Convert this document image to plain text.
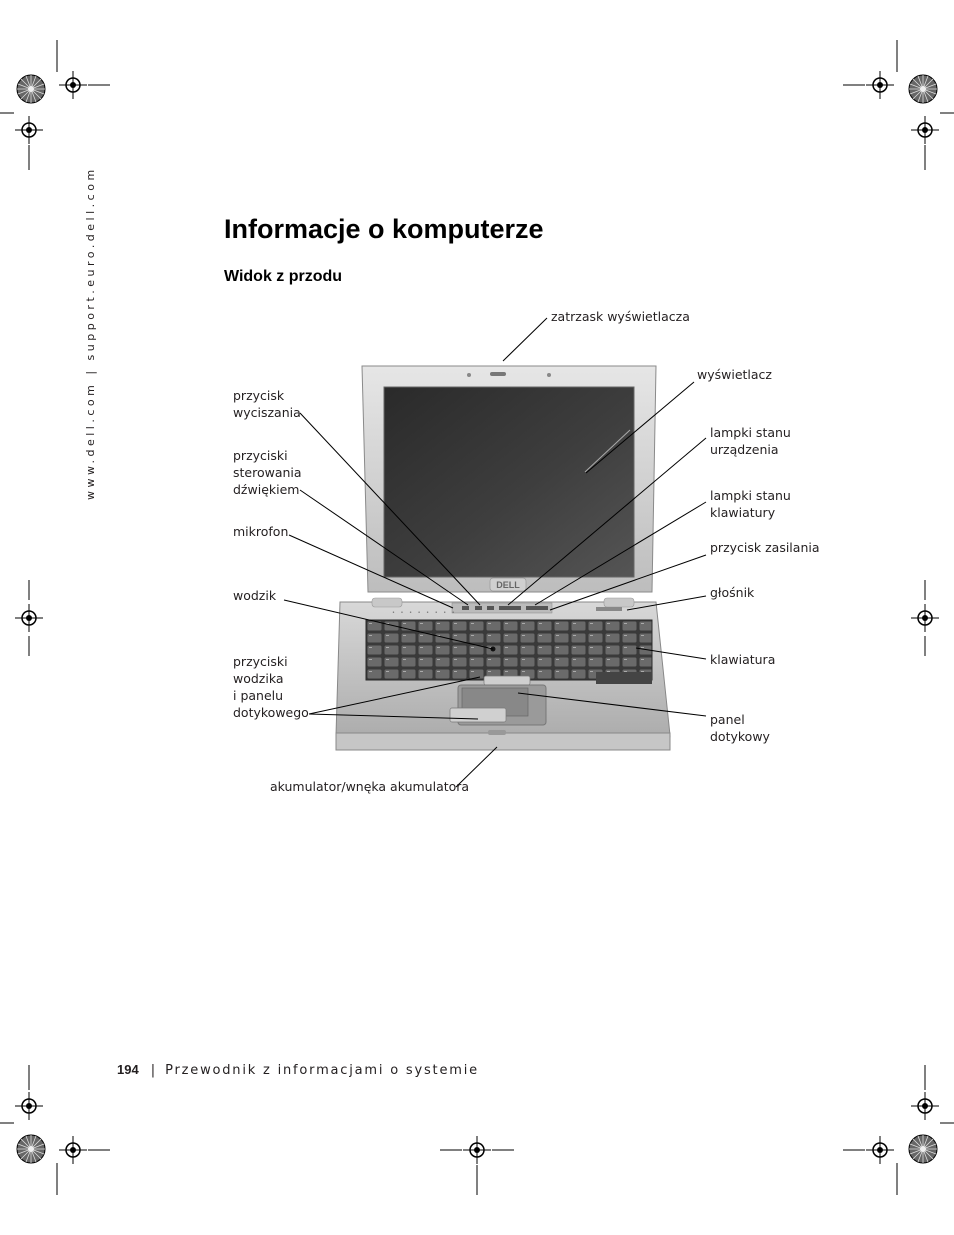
www.dell.com | support.euro.dell.com	Informacje o komputerze
Widok z przodu
DELL
• • • • • • • •
zatrzask wyświetlacza
wyświetlacz
przycisk
wyciszania
przyciski
sterowania
dźwiękiem
lampki stanu
urządzenia
lampki stanu
klawiatury
mikrofon
przycisk zasilania
wodzik	głośnik
przyciski
wodzika
i panelu
dotykowego
klawiatura
panel
dotykowy
akumulator/wnęka akumulatora
194 | Przewodnik z informacjami o systemie
